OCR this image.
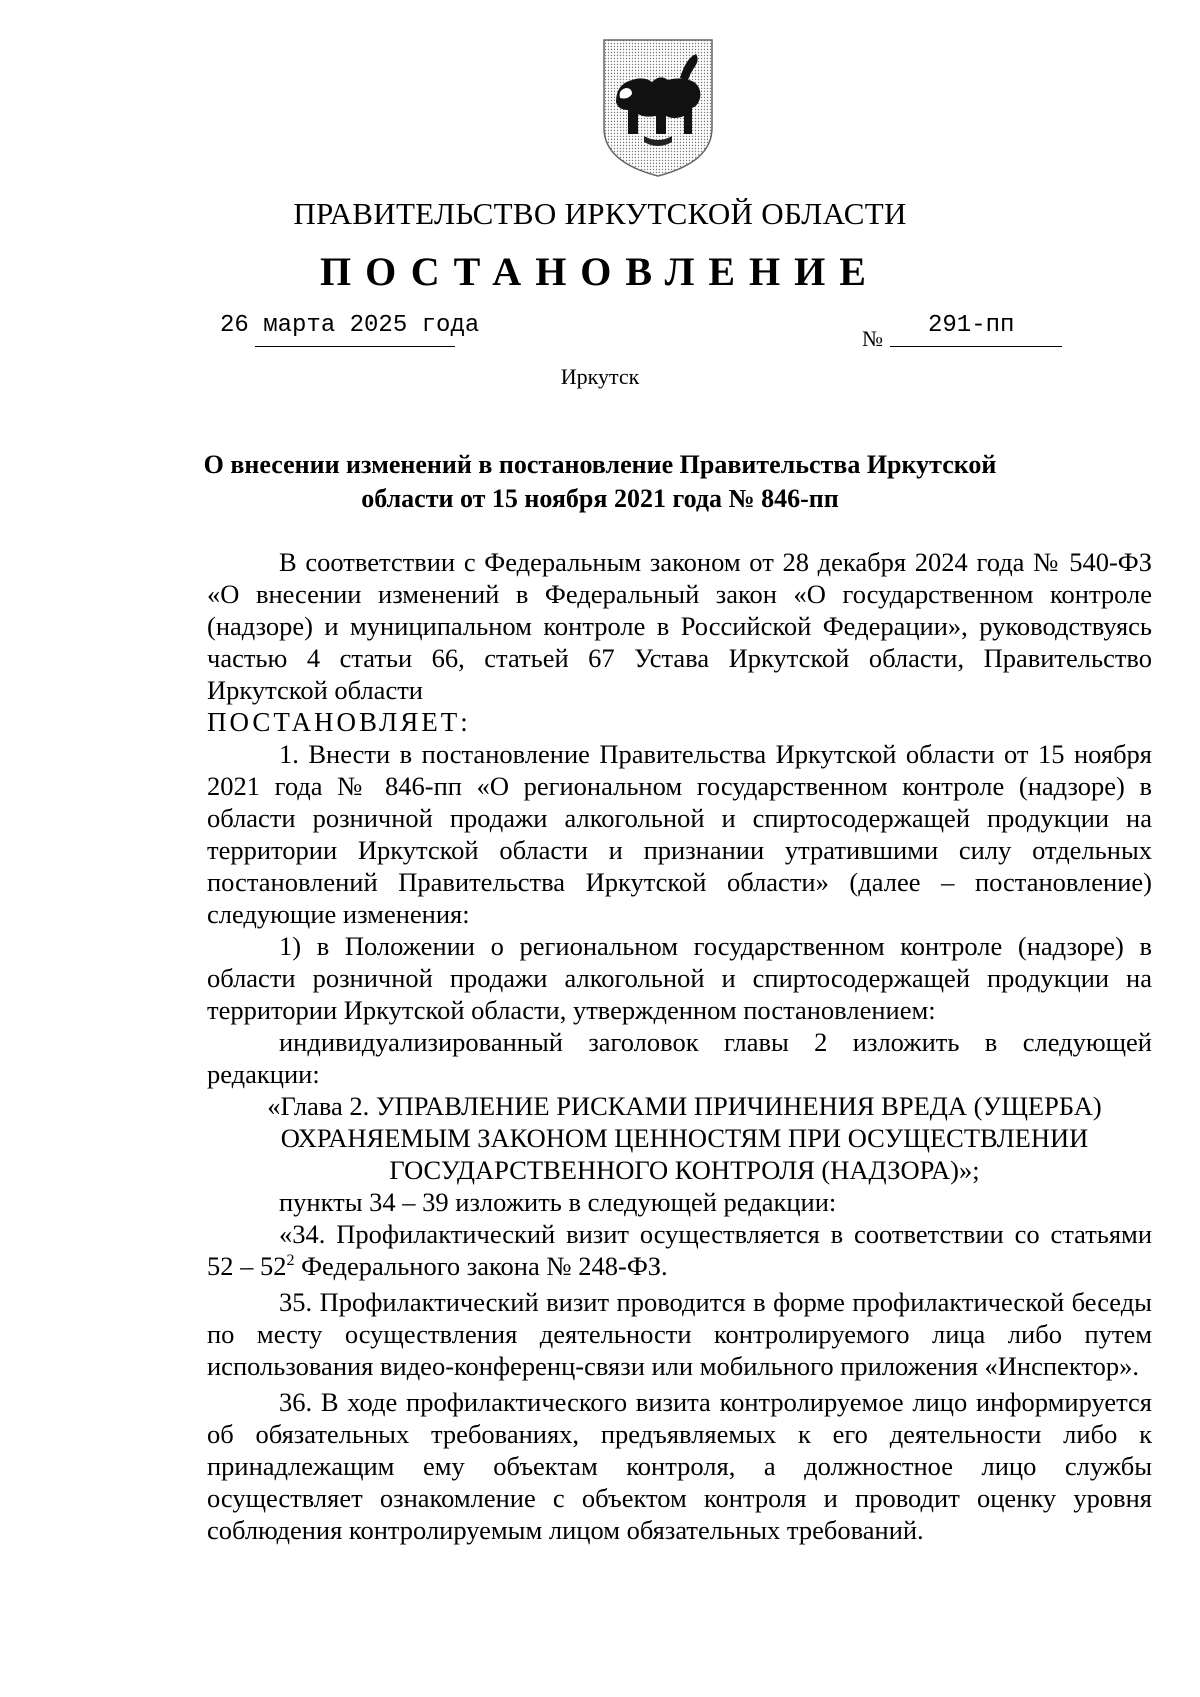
ПРАВИТЕЛЬСТВО ИРКУТСКОЙ ОБЛАСТИ
ПОСТАНОВЛЕНИЕ
26 марта 2025 года	№ 291-пп
Иркутск
О внесении изменений в постановление Правительства Иркутской
области от 15 ноября 2021 года № 846-пп

В соответствии с Федеральным законом от 28 декабря 2024 года № 540-ФЗ «О внесении изменений в Федеральный закон «О государственном контроле (надзоре) и муниципальном контроле в Российской Федерации», руководствуясь частью 4 статьи 66, статьей 67 Устава Иркутской области, Правительство Иркутской области

ПОСТАНОВЛЯЕТ:

1. Внести в постановление Правительства Иркутской области от 15 ноября 2021 года № 846-пп «О региональном государственном контроле (надзоре) в области розничной продажи алкогольной и спиртосодержащей продукции на территории Иркутской области и признании утратившими силу отдельных постановлений Правительства Иркутской области» (далее – постановление) следующие изменения:

1) в Положении о региональном государственном контроле (надзоре) в области розничной продажи алкогольной и спиртосодержащей продукции на территории Иркутской области, утвержденном постановлением:

индивидуализированный заголовок главы 2 изложить в следующей редакции:

«Глава 2. УПРАВЛЕНИЕ РИСКАМИ ПРИЧИНЕНИЯ ВРЕДА (УЩЕРБА)
ОХРАНЯЕМЫМ ЗАКОНОМ ЦЕННОСТЯМ ПРИ ОСУЩЕСТВЛЕНИИ
ГОСУДАРСТВЕННОГО КОНТРОЛЯ (НАДЗОРА)»;

пункты 34 – 39 изложить в следующей редакции:

«34. Профилактический визит осуществляется в соответствии со статьями $52 - 52^2$ Федерального закона № 248-ФЗ.

35. Профилактический визит проводится в форме профилактической беседы по месту осуществления деятельности контролируемого лица либо путем использования видео-конференц-связи или мобильного приложения «Инспектор».

36. В ходе профилактического визита контролируемое лицо информируется об обязательных требованиях, предъявляемых к его деятельности либо к принадлежащим ему объектам контроля, а должностное лицо службы осуществляет ознакомление с объектом контроля и проводит оценку уровня соблюдения контролируемым лицом обязательных требований.
